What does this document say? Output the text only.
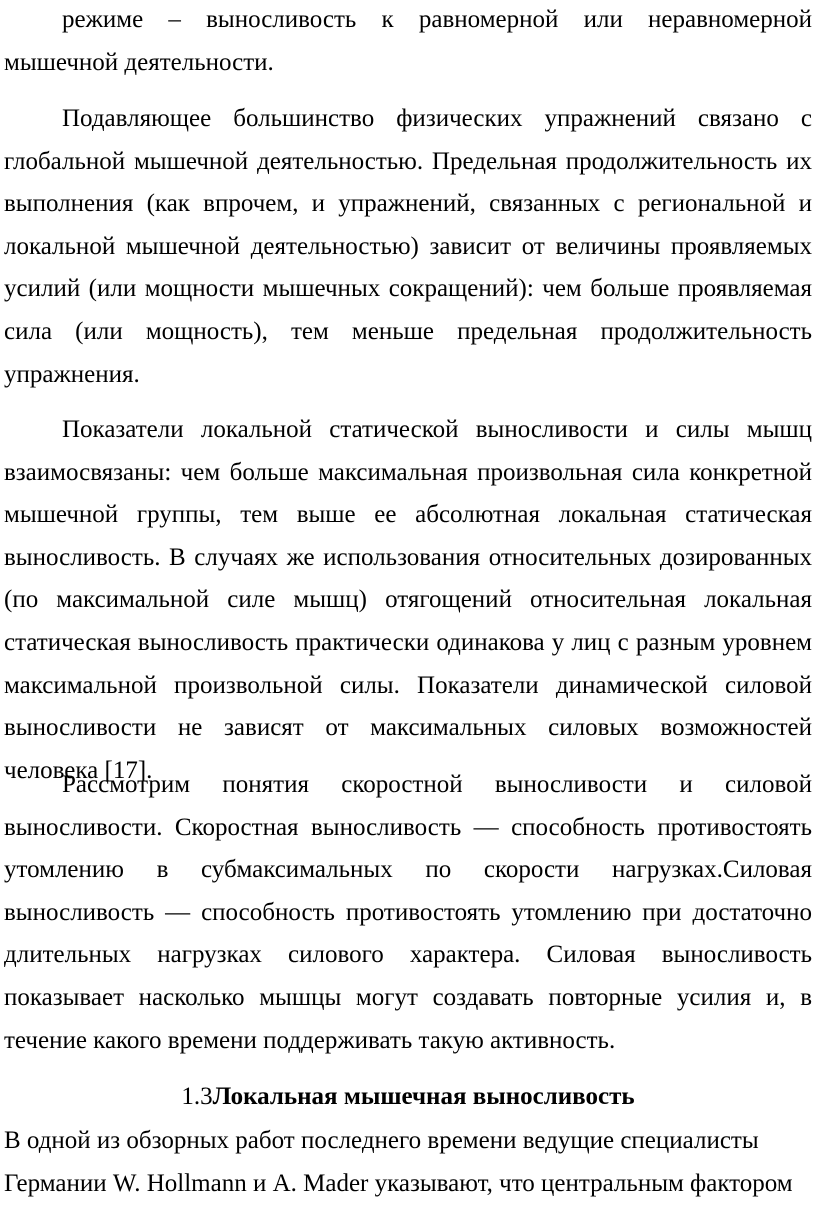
режиме – выносливость к равномерной или неравномерной мышечной деятельности.

Подавляющее большинство физических упражнений связано с глобальной мышечной деятельностью. Предельная продолжительность их выполнения (как впрочем, и упражнений, связанных с региональной и локальной мышечной деятельностью) зависит от величины проявляемых усилий (или мощности мышечных сокращений): чем больше проявляемая сила (или мощность), тем меньше предельная продолжительность упражнения.

Показатели локальной статической выносливости и силы мышц взаимосвязаны: чем больше максимальная произвольная сила конкретной мышечной группы, тем выше ее абсолютная локальная статическая выносливость. В случаях же использования относительных дозированных (по максимальной силе мышц) отягощений относительная локальная статическая выносливость практически одинакова у лиц с разным уровнем максимальной произвольной силы. Показатели динамической силовой выносливости не зависят от максимальных силовых возможностей человека [17].

Рассмотрим понятия скоростной выносливости и силовой выносливости. Скоростная выносливость — способность противостоять утомлению в субмаксимальных по скорости нагрузках.Силовая выносливость — способность противостоять утомлению при достаточно длительных нагрузках силового характера. Силовая выносливость показывает насколько мышцы могут создавать повторные усилия и, в течение какого времени поддерживать такую активность.

1.3Локальная мышечная выносливость

В одной из обзорных работ последнего времени ведущие специалисты Германии W. Hollmann и A. Mader указывают, что центральным фактором
